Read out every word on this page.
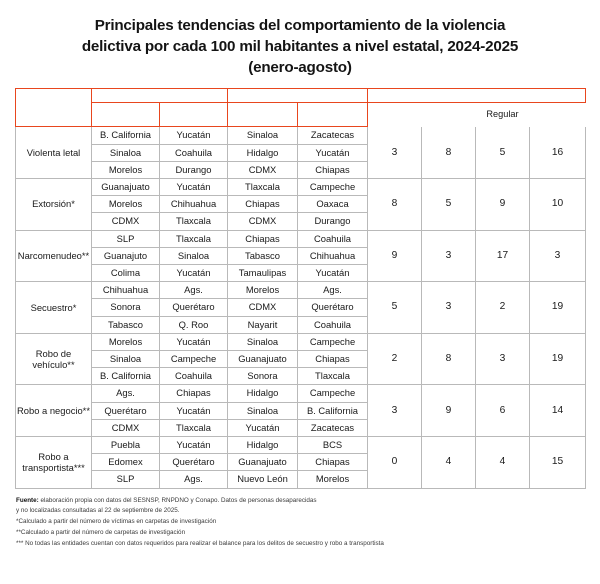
Principales tendencias del comportamiento de la violencia
delictiva por cada 100 mil habitantes a nivel estatal, 2024-2025
(enero-agosto)
Tasa por cada 100 mil habitantes	Top 3		Top 3		Número de entidades por balance***			
	Más alta	Más baja	Mayor incremento	Mayor reducción	Muy negativo	Negativo	Regular	Positivo
Violenta letal	B. California	Yucatán	Sinaloa	Zacatecas	3	8	5	16
	Sinaloa	Coahuila	Hidalgo	Yucatán				
	Morelos	Durango	CDMX	Chiapas				
Extorsión*	Guanajuato	Yucatán	Tlaxcala	Campeche	8	5	9	10
	Morelos	Chihuahua	Chiapas	Oaxaca				
	CDMX	Tlaxcala	CDMX	Durango				
Narcomenudeo**	SLP	Tlaxcala	Chiapas	Coahuila	9	3	17	3
	Guanajuto	Sinaloa	Tabasco	Chihuahua				
	Colima	Yucatán	Tamaulipas	Yucatán				
Secuestro*	Chihuahua	Ags.	Morelos	Ags.	5	3	2	19
	Sonora	Querétaro	CDMX	Querétaro				
	Tabasco	Q. Roo	Nayarit	Coahuila				

Robo de
vehículo**	Morelos	Yucatán	Sinaloa	Campeche	2	8	3	19
	Sinaloa	Campeche	Guanajuato	Chiapas				
	B. California	Coahuila	Sonora	Tlaxcala				
Robo a negocio**	Ags.	Chiapas	Hidalgo	Campeche	3	9	6	14
	Querétaro	Yucatán	Sinaloa	B. California				
	CDMX	Tlaxcala	Yucatán	Zacatecas				

Robo a
transportista***	Puebla	Yucatán	Hidalgo	BCS	0	4	4	15
	Edomex	Querétaro	Guanajuato	Chiapas				
	SLP	Ags.	Nuevo León	Morelos				
Fuente: elaboración propia con datos del SESNSP, RNPDNO y Conapo. Datos de personas desaparecidas
y no localizadas consultadas al 22 de septiembre de 2025.
*Calculado a partir del número de víctimas en carpetas de investigación
**Calculado a partir del número de carpetas de investigación
*** No todas las entidades cuentan con datos requeridos para realizar el balance para los delitos de secuestro y robo a transportista
